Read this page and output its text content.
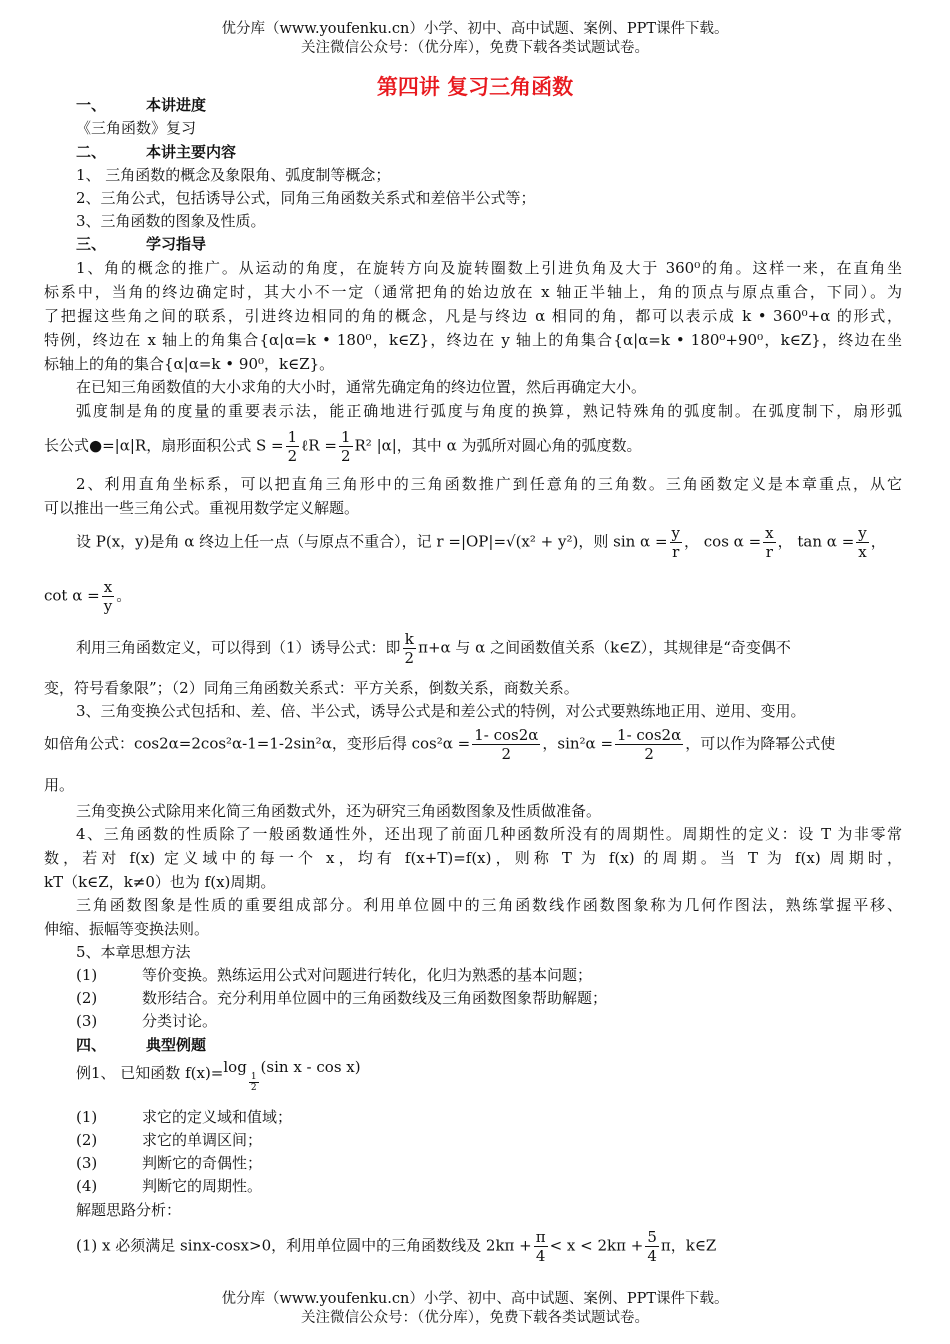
优分库（www.youfenku.cn）小学、初中、高中试题、案例、PPT课件下载。
关注微信公众号：（优分库），免费下载各类试题试卷。
第四讲 复习三角函数
一、	本讲进度
《三角函数》复习
二、	本讲主要内容
1、 三角函数的概念及象限角、弧度制等概念；
2、三角公式，包括诱导公式，同角三角函数关系式和差倍半公式等；
3、三角函数的图象及性质。
三、	学习指导
1、角的概念的推广。从运动的角度，在旋转方向及旋转圈数上引进负角及大于 360⁰的角。这样一来，在直角坐
标系中，当角的终边确定时，其大小不一定（通常把角的始边放在 x 轴正半轴上，角的顶点与原点重合，下同）。为
了把握这些角之间的联系，引进终边相同的角的概念，凡是与终边 α 相同的角，都可以表示成 k • 360⁰+α 的形式，
特例，终边在 x 轴上的角集合{α|α=k • 180⁰，k∈Z}，终边在 y 轴上的角集合{α|α=k • 180⁰+90⁰，k∈Z}，终边在坐
标轴上的角的集合{α|α=k • 90⁰，k∈Z}。
在已知三角函数值的大小求角的大小时，通常先确定角的终边位置，然后再确定大小。
弧度制是角的度量的重要表示法，能正确地进行弧度与角度的换算，熟记特殊角的弧度制。在弧度制下，扇形弧
长公式●=|α|R，扇形面积公式 $S = \frac{1}{2}$ ℓR = $\frac{1}{2} R^2$ |α|，其中 α 为弧所对圆心角的弧度数。
2、利用直角坐标系，可以把直角三角形中的三角函数推广到任意角的三角数。三角函数定义是本章重点，从它
可以推出一些三角公式。重视用数学定义解题。
设 P(x，y)是角 α 终边上任一点（与原点不重合），记 r =|OP|=√(x² + y²)，则 $\sin \alpha = \frac{y}{r}$ ， $\cos \alpha = \frac{x}{r}$ ， $\tan \alpha = \frac{y}{x}$ ，
$\cot \alpha = \frac{x}{y}$ 。
利用三角函数定义，可以得到（1）诱导公式：即 $\frac{k}{2} \pi+\alpha$ 与 α 之间函数值关系（k∈Z），其规律是“奇变偶不
变，符号看象限”；（2）同角三角函数关系式：平方关系，倒数关系，商数关系。
3、三角变换公式包括和、差、倍、半公式，诱导公式是和差公式的特例，对公式要熟练地正用、逆用、变用。
如倍角公式：cos2α=2cos²α-1=1-2sin²α，变形后得 $\cos^2\alpha = \frac{1- \cos 2\alpha}{2}$ ，$\sin^2\alpha = \frac{1- \cos 2\alpha}{2}$ ，可以作为降幂公式使
用。
三角变换公式除用来化简三角函数式外，还为研究三角函数图象及性质做准备。
4、三角函数的性质除了一般函数通性外，还出现了前面几种函数所没有的周期性。周期性的定义：设 T 为非零常
数，若对 f(x) 定义域中的每一个 x，均有 f(x+T)=f(x)，则称 T 为 f(x) 的周期。当 T 为 f(x) 周期时，
kT（k∈Z，k≠0）也为 f(x)周期。
三角函数图象是性质的重要组成部分。利用单位圆中的三角函数线作函数图象称为几何作图法，熟练掌握平移、
伸缩、振幅等变换法则。
5、本章思想方法
(1)	等价变换。熟练运用公式对问题进行转化，化归为熟悉的基本问题；
(2)	数形结合。充分利用单位圆中的三角函数线及三角函数图象帮助解题；
(3)	分类讨论。
四、	典型例题
例1、 已知函数 f(x)=log
$\frac{1}{2}$
(sin x - cos x)
(1)	求它的定义域和值域；
(2)	求它的单调区间；
(3)	判断它的奇偶性；
(4)	判断它的周期性。
解题思路分析：
(1) x 必须满足 sinx-cosx>0，利用单位圆中的三角函数线及 $2k\pi + \frac{\pi}{4} < x < 2k\pi + \frac{5}{4}$ π，k∈Z
优分库（www.youfenku.cn）小学、初中、高中试题、案例、PPT课件下载。
关注微信公众号：（优分库），免费下载各类试题试卷。
